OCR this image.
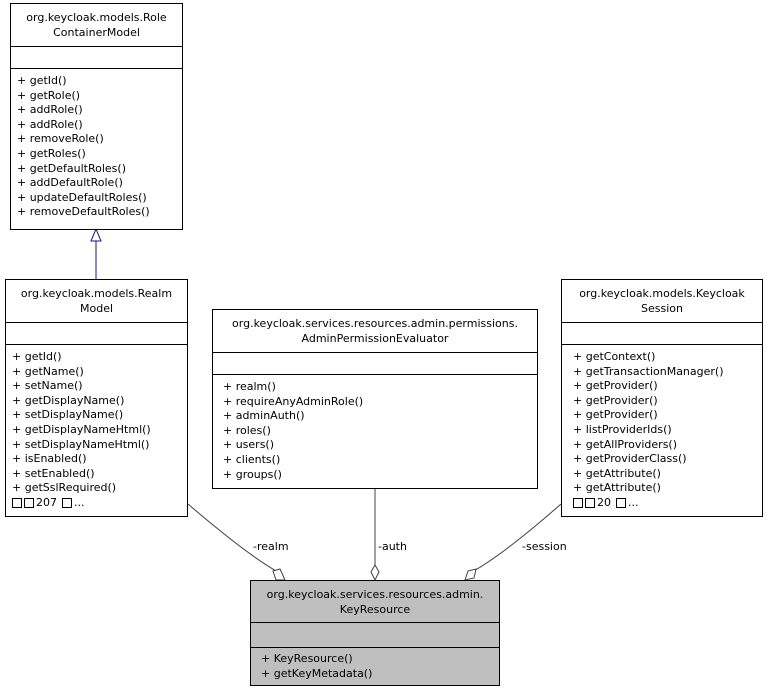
org.keycloak.models.Role
ContainerModel
+ getId()
+ getRole()
+ addRole()
+ addRole()
+ removeRole()
+ getRoles()
+ getDefaultRoles()
+ addDefaultRole()
+ updateDefaultRoles()
+ removeDefaultRoles()
org.keycloak.models.Realm
Model
+ getId()
+ getName()
+ setName()
+ getDisplayName()
+ setDisplayName()
+ getDisplayNameHtml()
+ setDisplayNameHtml()
+ isEnabled()
+ setEnabled()
+ getSslRequired()
207 ...
org.keycloak.services.resources.admin.permissions.
AdminPermissionEvaluator
+ realm()
+ requireAnyAdminRole()
+ adminAuth()
+ roles()
+ users()
+ clients()
+ groups()
org.keycloak.models.Keycloak
Session
+ getContext()
+ getTransactionManager()
+ getProvider()
+ getProvider()
+ getProvider()
+ listProviderIds()
+ getAllProviders()
+ getProviderClass()
+ getAttribute()
+ getAttribute()
20 ...
org.keycloak.services.resources.admin.
KeyResource
+ KeyResource()
+ getKeyMetadata()
-realm	-auth	-session
